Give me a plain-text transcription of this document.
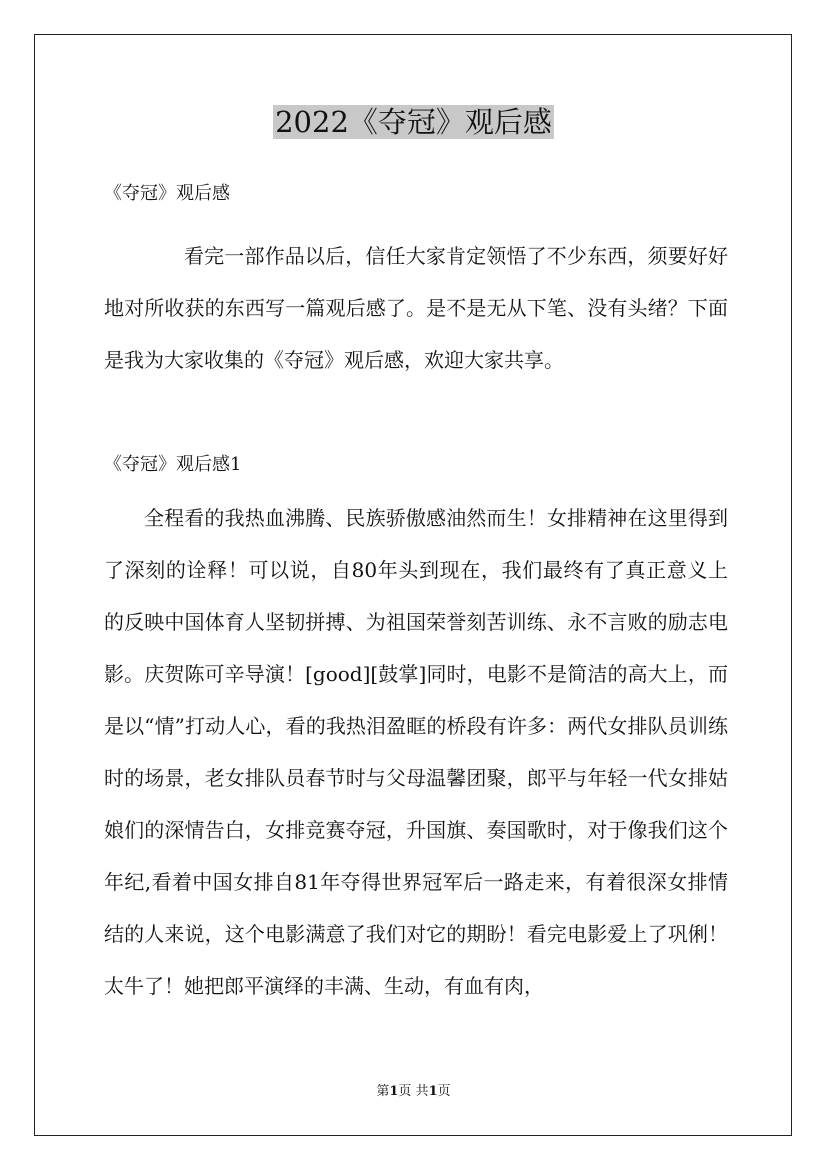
2022《夺冠》观后感

《夺冠》观后感

看完一部作品以后，信任大家肯定领悟了不少东西，须要好好地对所收获的东西写一篇观后感了。是不是无从下笔、没有头绪？下面是我为大家收集的《夺冠》观后感，欢迎大家共享。

《夺冠》观后感1

全程看的我热血沸腾、民族骄傲感油然而生！女排精神在这里得到了深刻的诠释！可以说，自80年头到现在，我们最终有了真正意义上的反映中国体育人坚韧拼搏、为祖国荣誉刻苦训练、永不言败的励志电影。庆贺陈可辛导演！[good][鼓掌]同时，电影不是简洁的高大上，而是以“情”打动人心，看的我热泪盈眶的桥段有许多：两代女排队员训练时的场景，老女排队员春节时与父母温馨团聚，郎平与年轻一代女排姑娘们的深情告白，女排竞赛夺冠，升国旗、奏国歌时，对于像我们这个年纪,看着中国女排自81年夺得世界冠军后一路走来，有着很深女排情结的人来说，这个电影满意了我们对它的期盼！看完电影爱上了巩俐！太牛了！她把郎平演绎的丰满、生动，有血有肉，

第1页 共1页
